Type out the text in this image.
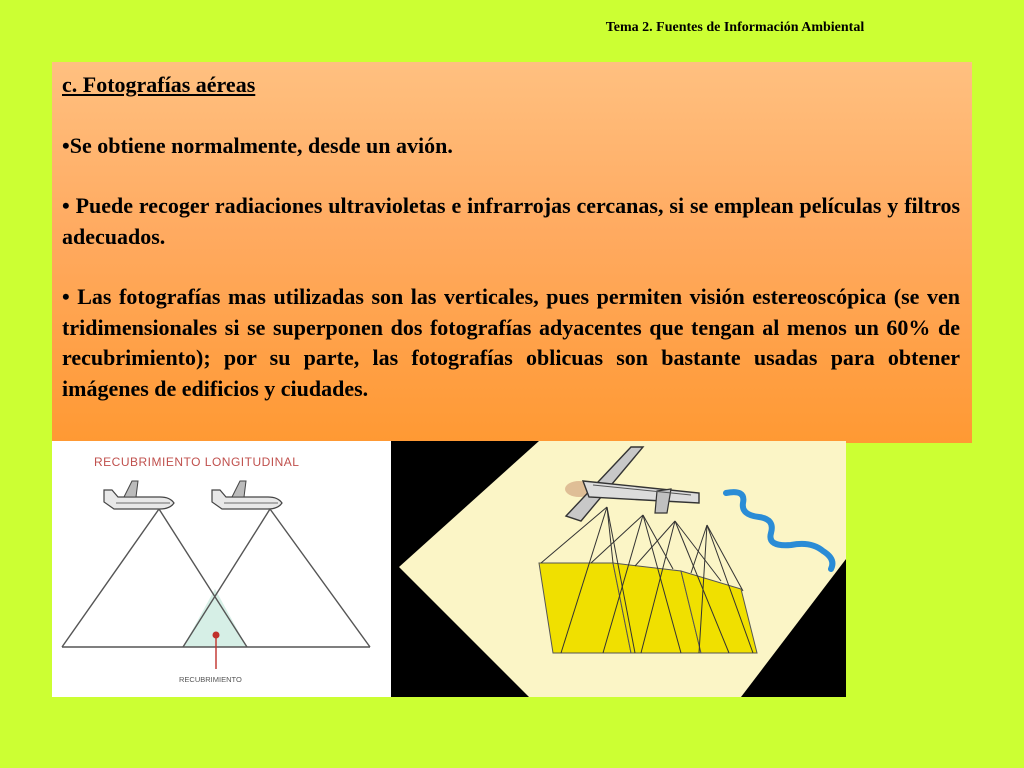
Tema 2. Fuentes de Información Ambiental
c. Fotografías aéreas

•Se obtiene normalmente, desde un avión.

• Puede recoger radiaciones ultravioletas e infrarrojas cercanas, si se emplean películas y filtros adecuados.

• Las fotografías mas utilizadas son las verticales, pues permiten visión estereoscópica (se ven tridimensionales si se superponen dos fotografías adyacentes que tengan al menos un 60% de recubrimiento); por su parte, las fotografías oblicuas son bastante usadas para obtener imágenes de edificios y ciudades.

RECUBRIMIENTO LONGITUDINAL
RECUBRIMIENTO
